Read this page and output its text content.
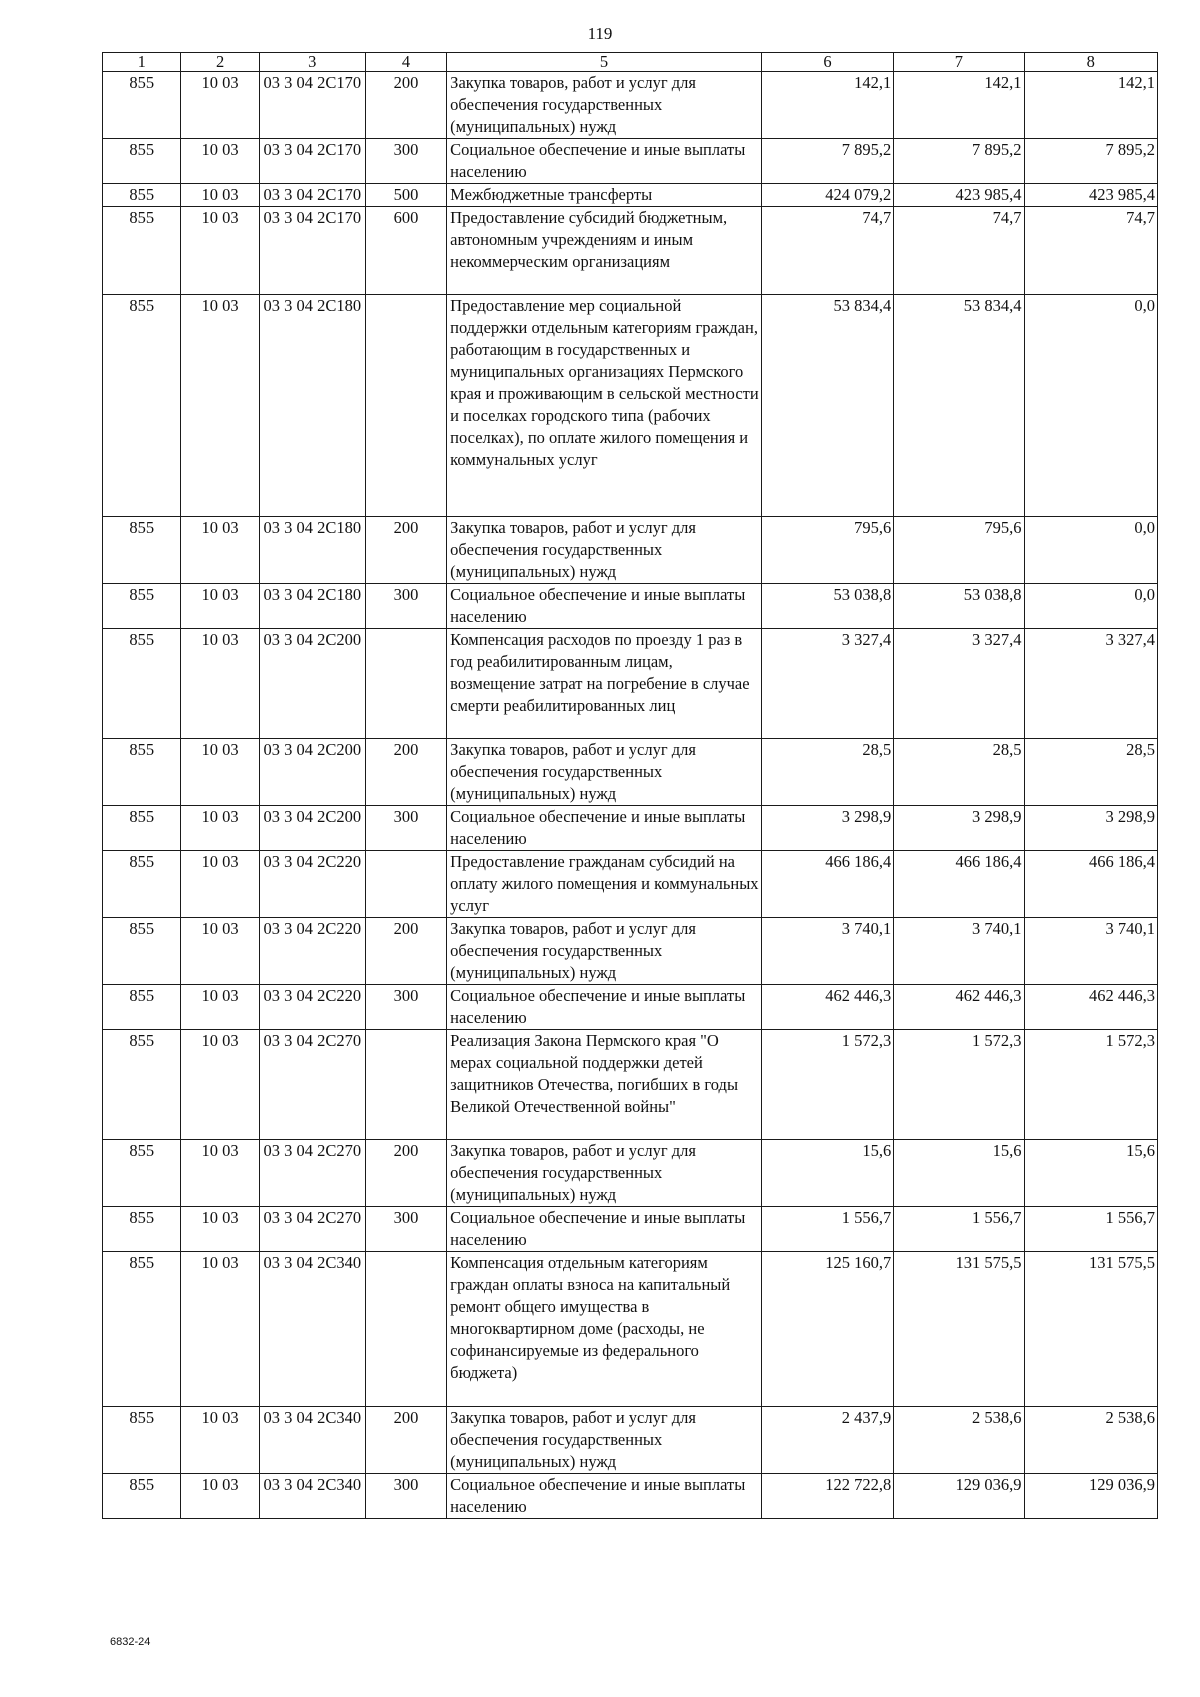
119
1	2	3	4	5	6	7	8
855	10 03	03 3 04 2С170	200	Закупка товаров, работ и услуг для обеспечения государственных (муниципальных) нужд	142,1	142,1	142,1
855	10 03	03 3 04 2С170	300	Социальное обеспечение и иные выплаты населению	7 895,2	7 895,2	7 895,2
855	10 03	03 3 04 2С170	500	Межбюджетные трансферты	424 079,2	423 985,4	423 985,4
855	10 03	03 3 04 2С170	600	Предоставление субсидий бюджетным, автономным учреждениям и иным некоммерческим организациям	74,7	74,7	74,7
855	10 03	03 3 04 2С180		Предоставление мер социальной поддержки отдельным категориям граждан, работающим в государственных и муниципальных организациях Пермского края и проживающим в сельской местности и поселках городского типа (рабочих поселках), по оплате жилого помещения и коммунальных услуг	53 834,4	53 834,4	0,0
855	10 03	03 3 04 2С180	200	Закупка товаров, работ и услуг для обеспечения государственных (муниципальных) нужд	795,6	795,6	0,0
855	10 03	03 3 04 2С180	300	Социальное обеспечение и иные выплаты населению	53 038,8	53 038,8	0,0
855	10 03	03 3 04 2С200		Компенсация расходов по проезду 1 раз в год реабилитированным лицам, возмещение затрат на погребение в случае смерти реабилитированных лиц	3 327,4	3 327,4	3 327,4
855	10 03	03 3 04 2С200	200	Закупка товаров, работ и услуг для обеспечения государственных (муниципальных) нужд	28,5	28,5	28,5
855	10 03	03 3 04 2С200	300	Социальное обеспечение и иные выплаты населению	3 298,9	3 298,9	3 298,9
855	10 03	03 3 04 2С220		Предоставление гражданам субсидий на оплату жилого помещения и коммунальных услуг	466 186,4	466 186,4	466 186,4
855	10 03	03 3 04 2С220	200	Закупка товаров, работ и услуг для обеспечения государственных (муниципальных) нужд	3 740,1	3 740,1	3 740,1
855	10 03	03 3 04 2С220	300	Социальное обеспечение и иные выплаты населению	462 446,3	462 446,3	462 446,3
855	10 03	03 3 04 2С270		Реализация Закона Пермского края "О мерах социальной поддержки детей защитников Отечества, погибших в годы Великой Отечественной войны"	1 572,3	1 572,3	1 572,3
855	10 03	03 3 04 2С270	200	Закупка товаров, работ и услуг для обеспечения государственных (муниципальных) нужд	15,6	15,6	15,6
855	10 03	03 3 04 2С270	300	Социальное обеспечение и иные выплаты населению	1 556,7	1 556,7	1 556,7
855	10 03	03 3 04 2С340		Компенсация отдельным категориям граждан оплаты взноса на капитальный ремонт общего имущества в многоквартирном доме (расходы, не софинансируемые из федерального бюджета)	125 160,7	131 575,5	131 575,5
855	10 03	03 3 04 2С340	200	Закупка товаров, работ и услуг для обеспечения государственных (муниципальных) нужд	2 437,9	2 538,6	2 538,6
855	10 03	03 3 04 2С340	300	Социальное обеспечение и иные выплаты населению	122 722,8	129 036,9	129 036,9
6832-24
